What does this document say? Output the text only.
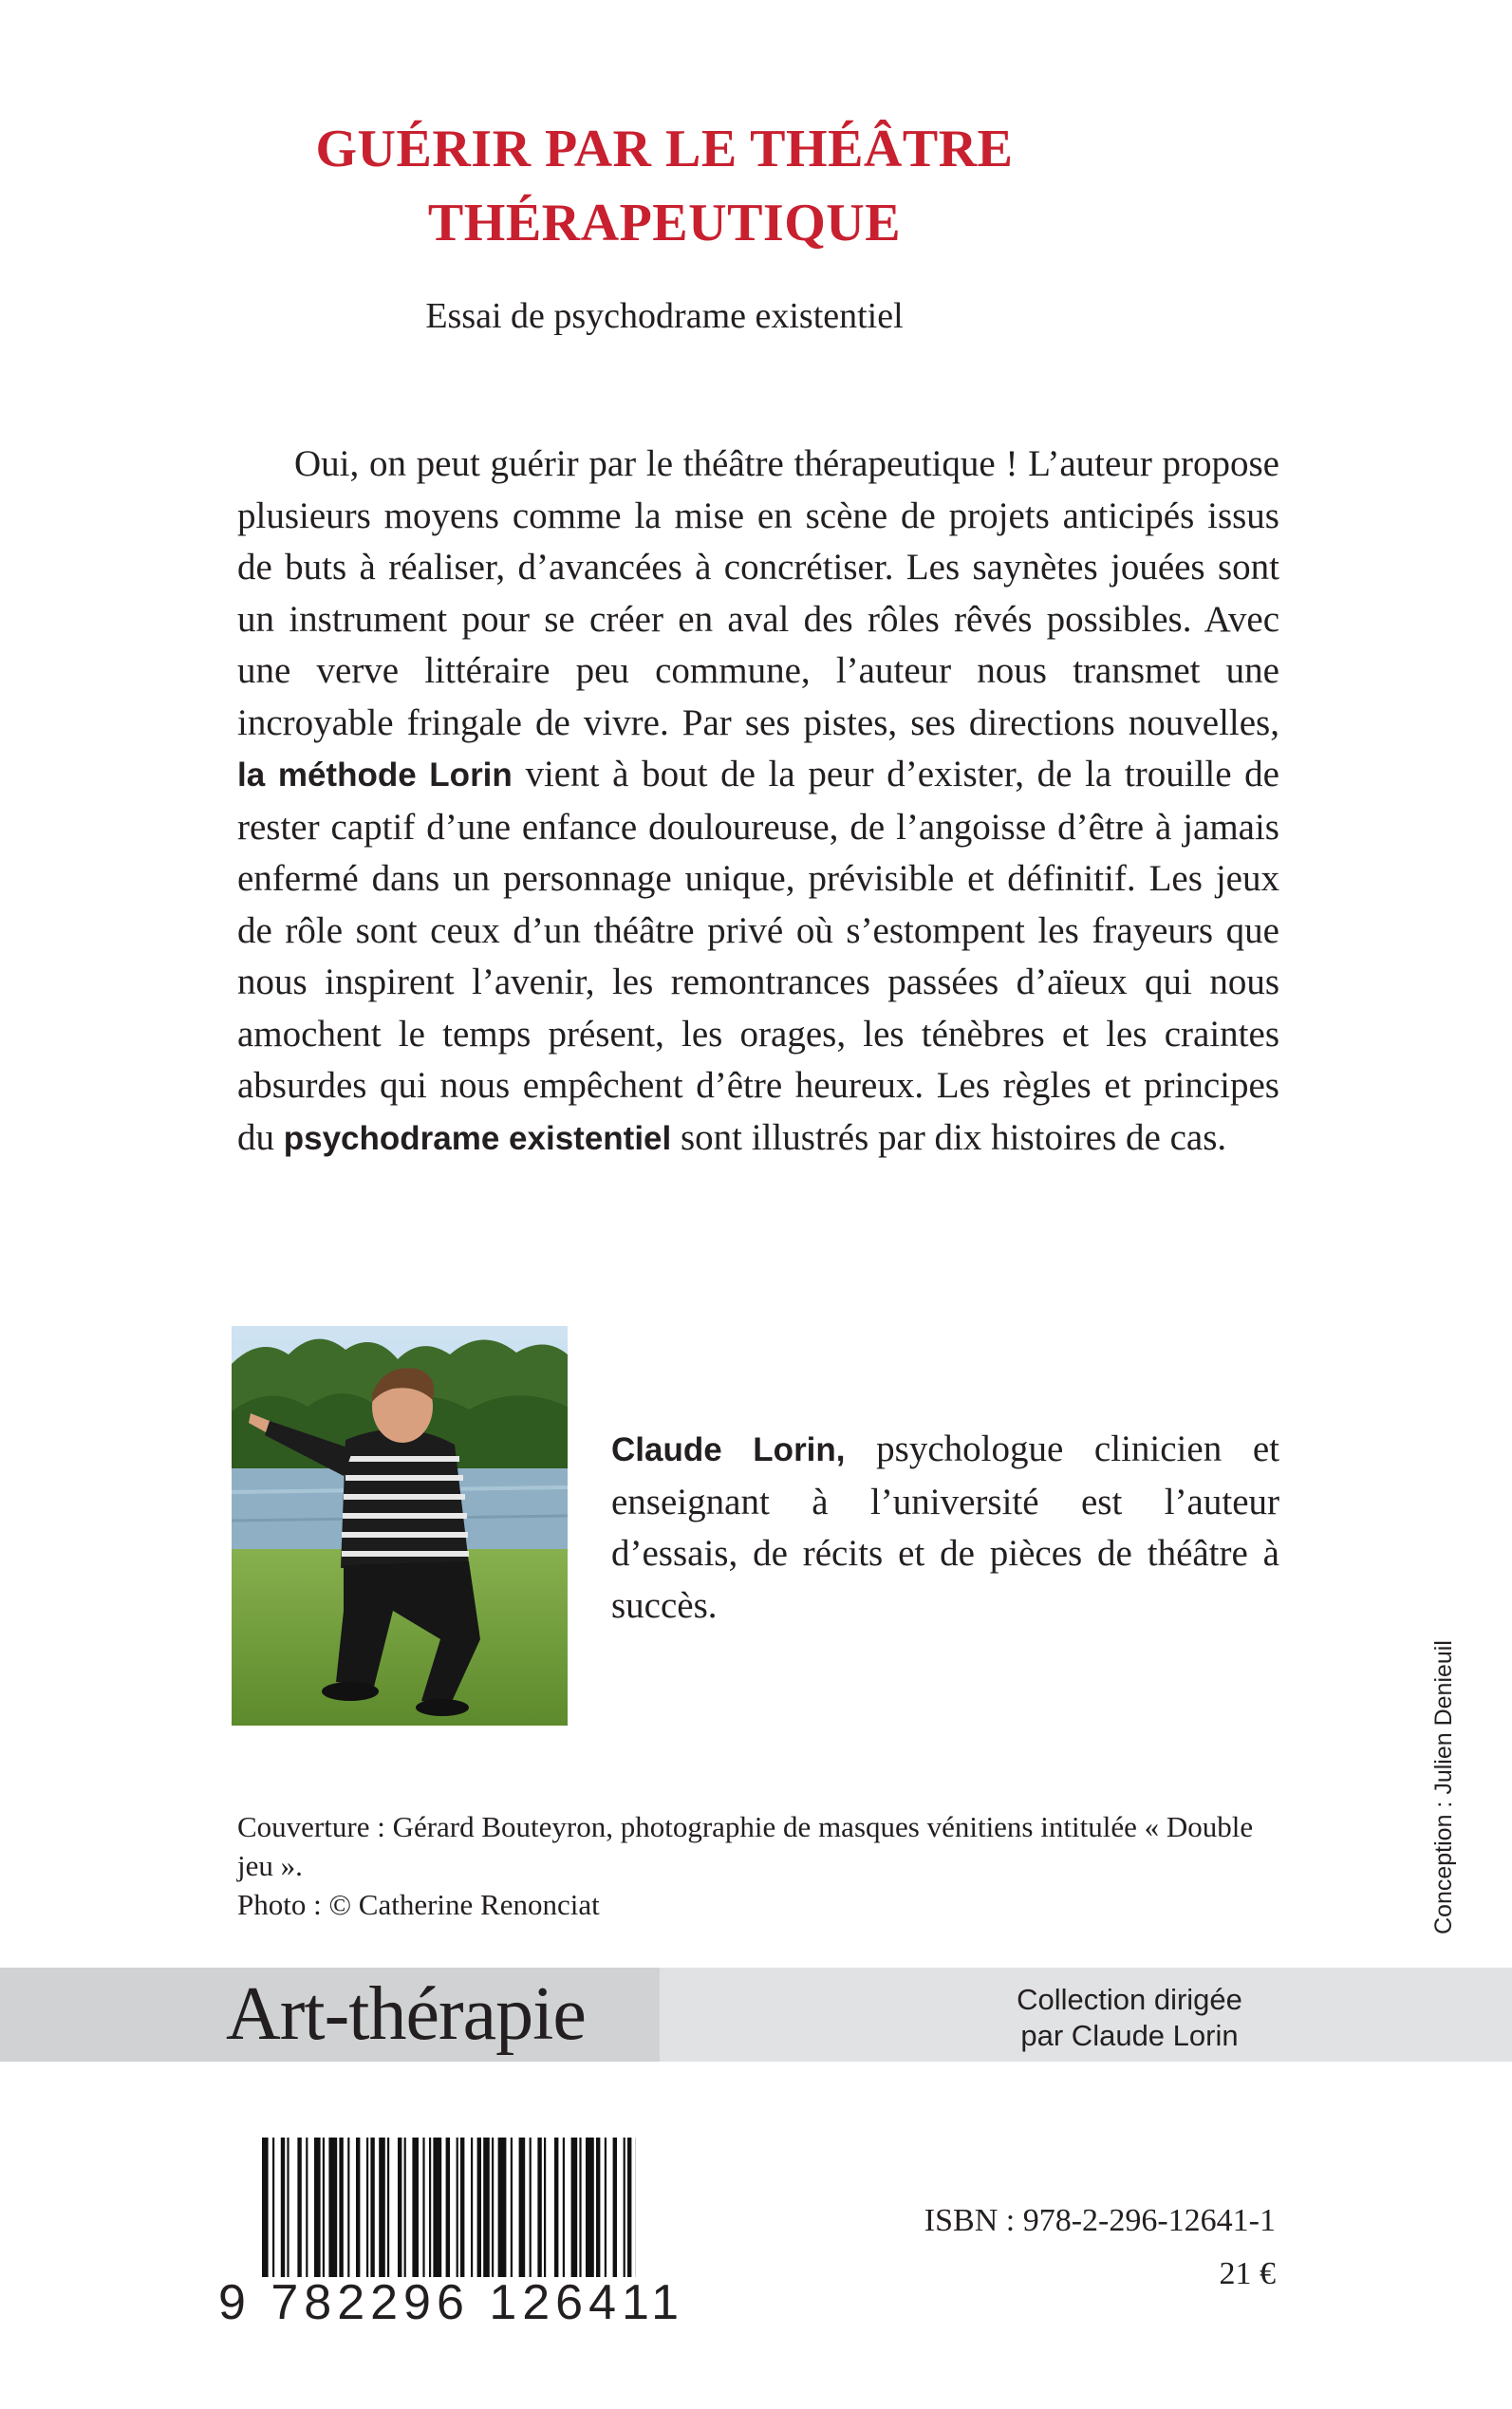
GUÉRIR PAR LE THÉÂTRE
THÉRAPEUTIQUE
Essai de psychodrame existentiel

Oui, on peut guérir par le théâtre thérapeutique ! L’auteur propose plusieurs moyens comme la mise en scène de projets anticipés issus de buts à réaliser, d’avancées à concrétiser. Les saynètes jouées sont un instrument pour se créer en aval des rôles rêvés possibles. Avec une verve littéraire peu commune, l’auteur nous transmet une incroyable fringale de vivre. Par ses pistes, ses directions nouvelles, la méthode Lorin vient à bout de la peur d’exister, de la trouille de rester captif d’une enfance douloureuse, de l’angoisse d’être à jamais enfermé dans un personnage unique, prévisible et définitif. Les jeux de rôle sont ceux d’un théâtre privé où s’estompent les frayeurs que nous inspirent l’avenir, les remontrances passées d’aïeux qui nous amochent le temps présent, les orages, les ténèbres et les craintes absurdes qui nous empêchent d’être heureux. Les règles et principes du psychodrame existentiel sont illustrés par dix histoires de cas.

Claude Lorin, psychologue clinicien et enseignant à l’université est l’auteur d’essais, de récits et de pièces de théâtre à succès.

Couverture : Gérard Bouteyron, photographie de masques vénitiens intitulée « Double jeu ».

Photo : © Catherine Renonciat	Conception : Julien Denieuil
Art-thérapie	Collection dirigée
par Claude Lorin
9 782296 126411
ISBN : 978-2-296-12641-1
21 €
